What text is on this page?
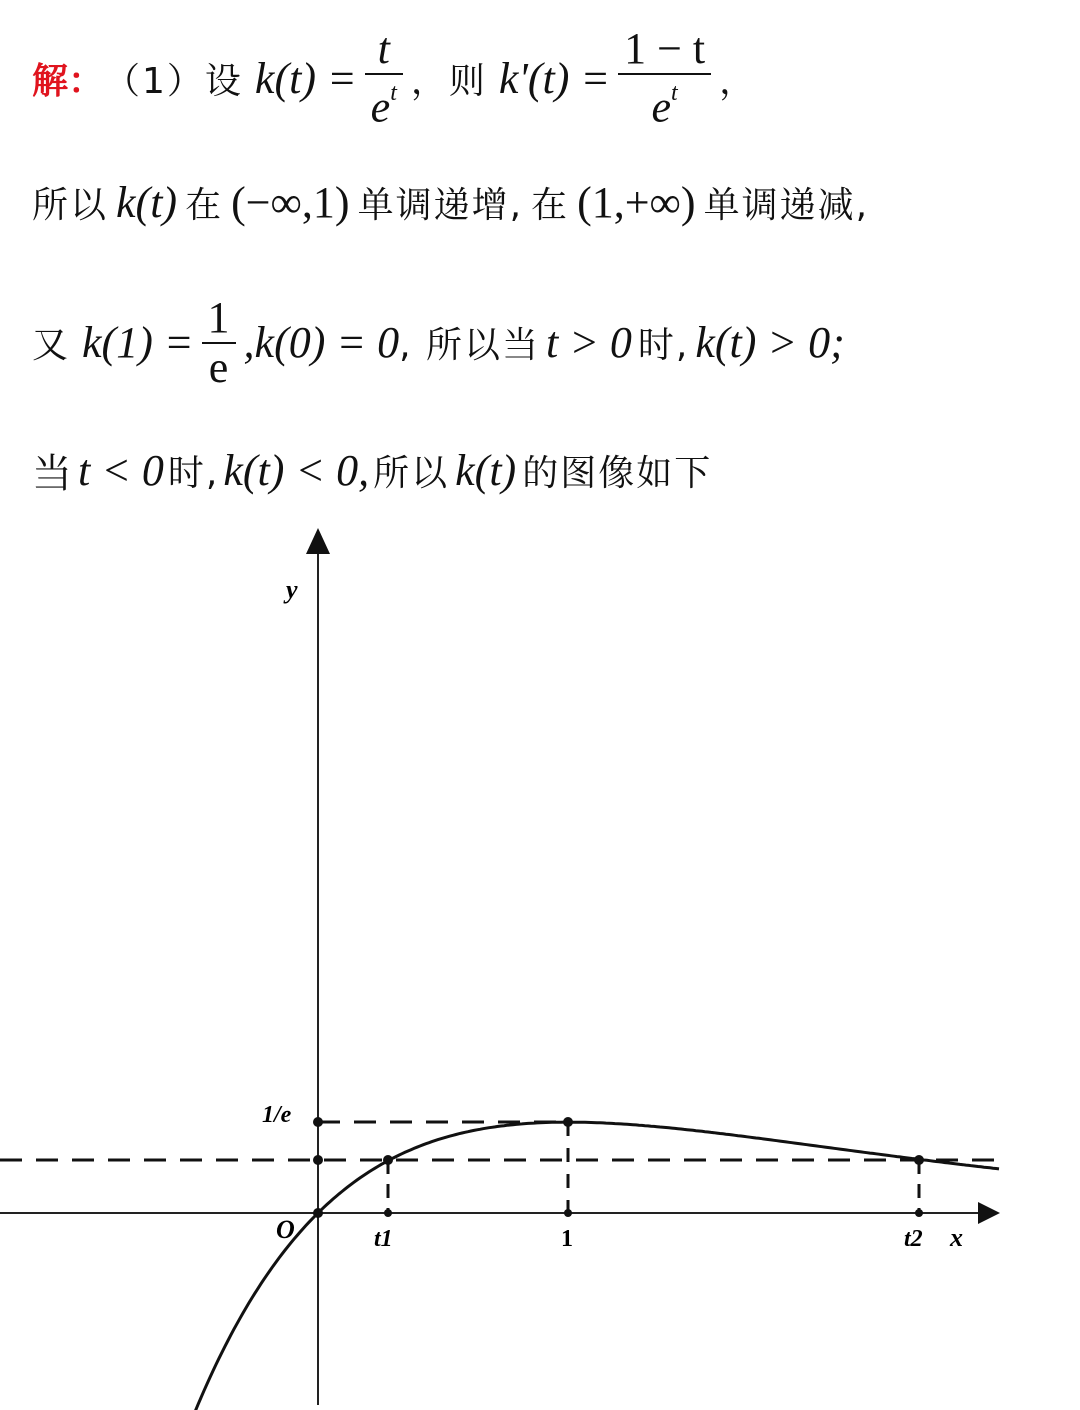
解： （1）设 $k(t) = \frac{t}{e^t}$ ， 则 $k'(t) = \frac{1 - t}{e^t}$ ，
所以 k(t) 在 (−∞,1) 单调递增, 在 (1,+∞) 单调递减,
又 $k(1) = \frac{1}{e} ,k(0) = 0$ , 所以当 t > 0 时, k(t) > 0;
当 t < 0 时, k(t) < 0, 所以 k(t) 的图像如下
y
1/e
O	t1	1	t2 x
